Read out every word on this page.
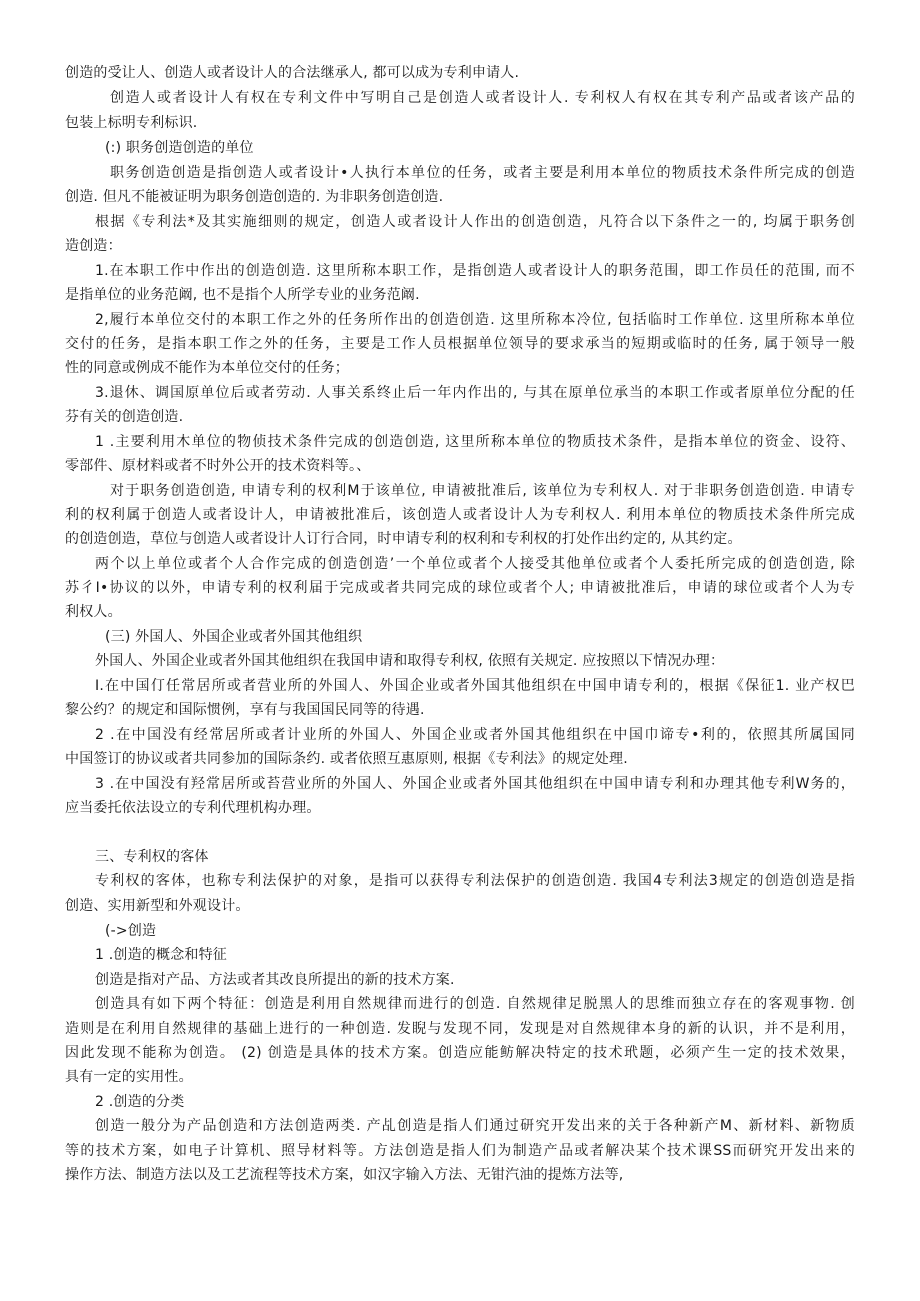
创造的受让人、创造人或者设计人的合法继承人, 都可以成为专利申请人.
创造人或者设计人有权在专利文件中写明自己是创造人或者设计人. 专利权人有权在其专利产品或者该产品的
包装上标明专利标识.
(:) 职务创造创造的单位
职务创造创造是指创造人或者设计•人执行本单位的任务，或者主要是利用本单位的物质技术条件所完成的创造
创造. 但凡不能被证明为职务创造创造的. 为非职务创造创造.
根据《专利法*及其实施细则的规定，创造人或者设计人作出的创造创造，凡符合以下条件之一的, 均属于职务创
造创造：
1.在本职工作中作出的创造创造. 这里所称本职工作，是指创造人或者设计人的职务范围，即工作员任的范围, 而不
是指单位的业务范阚, 也不是指个人所学专业的业务范阚.
2,履行本单位交付的本职工作之外的任务所作出的创造创造. 这里所称本冷位, 包括临时工作单位. 这里所称本单位
交付的任务，是指本职工作之外的任务，主要是工作人员根据单位领导的要求承当的短期或临时的任务, 属于领导一般
性的同意或例成不能作为本单位交付的任务；
3.退休、调国原单位后或者劳动. 人事关系终止后一年内作出的, 与其在原单位承当的本职工作或者原单位分配的任
芬有关的创造创造.
1 .主要利用木单位的物侦技术条件完成的创造创造, 这里所称本单位的物质技术条件，是指本单位的资金、设符、
零部件、原材料或者不时外公开的技术资料等。、
对于职务创造创造, 申请专利的权利M于该单位, 申请被批准后, 该单位为专利权人. 对于非职务创造创造. 申请专
利的权利属于创造人或者设计人，申请被批准后，该创造人或者设计人为专利权人. 利用本单位的物质技术条件所完成
的创造创造，草位与创造人或者设计人订行合同，时申请专利的权利和专利权的打处作出约定的, 从其约定。
两个以上单位或者个人合作完成的创造创造’一个单位或者个人接受其他单位或者个人委托所完成的创造创造, 除
苏彳I•协议的以外，申请专利的权利届于完成或者共同完成的球位或者个人; 申请被批准后，申请的球位或者个人为专
利权人。
(三) 外国人、外国企业或者外国其他组织
外国人、外国企业或者外国其他组织在我国申请和取得专利权, 依照有关规定. 应按照以下情况办理：
I.在中国仃任常居所或者营业所的外国人、外国企业或者外国其他组织在中国申请专利的，根据《保征1. 业产权巴
黎公约？的规定和国际惯例，享有与我国国民同等的待遇.
2 .在中国没有经常居所或者计业所的外国人、外国企业或者外国其他组织在中国巾谛专•利的，依照其所属国同
中国签订的协议或者共同参加的国际条约. 或者依照互惠原则, 根据《专利法》的规定处理.
3 .在中国没有羟常居所或苔营业所的外国人、外国企业或者外国其他组织在中国申请专利和办理其他专利W务的，
应当委托依法设立的专利代理机构办理。
三、专利权的客体
专利权的客体，也称专利法保护的对象，是指可以获得专利法保护的创造创造. 我国4专利法3规定的创造创造是指
创造、实用新型和外观设计。
(->创造
1 .创造的概念和特征
创造是指对产品、方法或者其改良所提出的新的技术方案.
创造具有如下两个特征：创造是利用自然规律而进行的创造. 自然规律足脱黑人的思维而独立存在的客观事物. 创
造则是在利用自然规律的基础上进行的一种创造. 发睨与发现不同，发现是对自然规律本身的新的认识，并不是利用，
因此发现不能称为创造。 (2) 创造是具体的技术方案。创造应能鲂解决特定的技术玳题，必须产生一定的技术效果，
具有一定的实用性。
2 .创造的分类
创造一般分为产品创造和方法创造两类. 产乩创造是指人们通过研究开发出来的关于各种新产M、新材料、新物质
等的技术方案，如电子计算机、照导材料等。方法创造是指人们为制造产品或者解决某个技术课SS而研究开发出来的
操作方法、制造方法以及工艺流程等技术方案，如汉字输入方法、无钳汽油的提炼方法等,
